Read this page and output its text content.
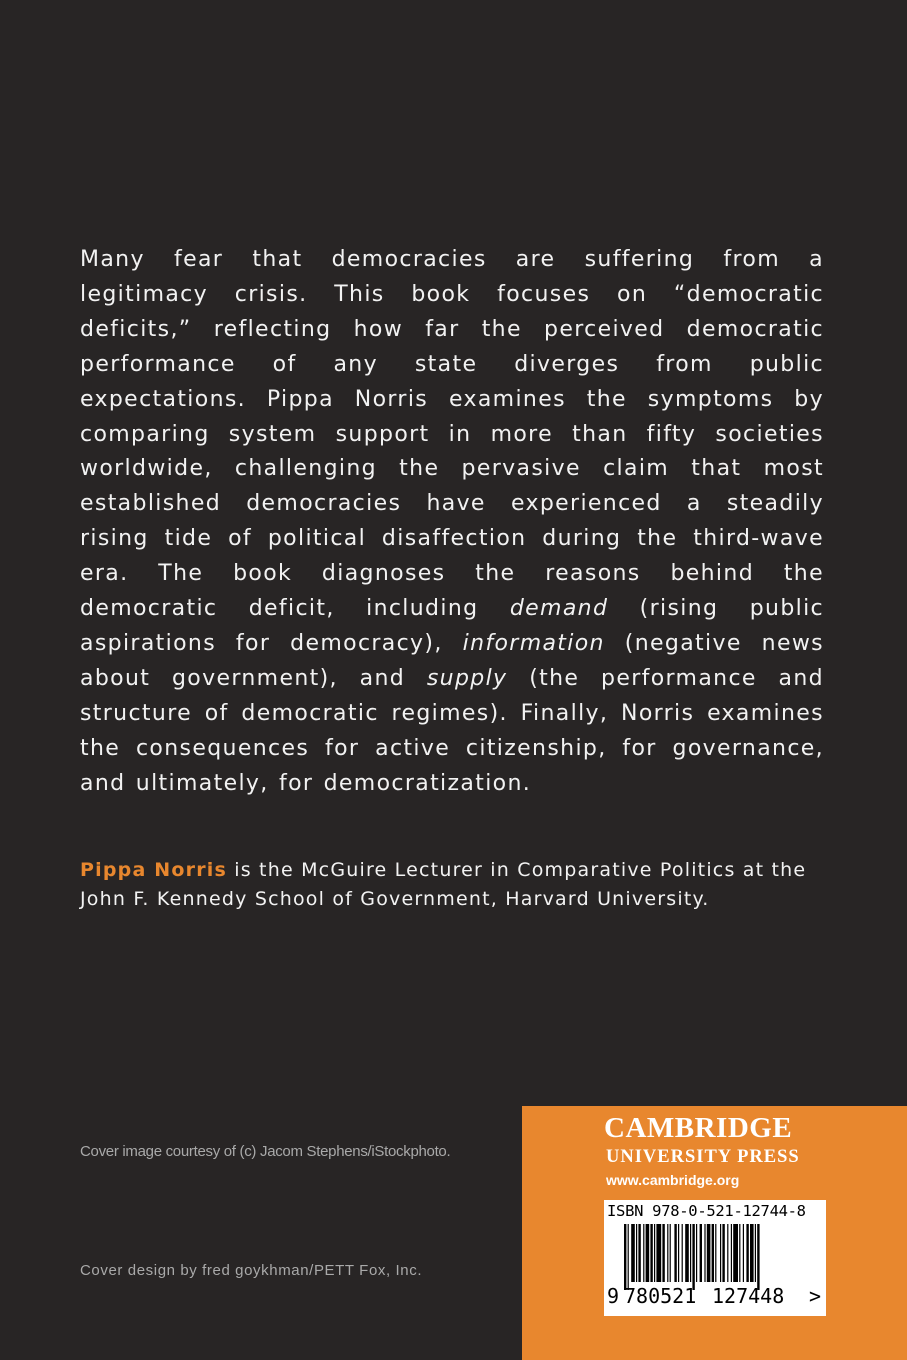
Many fear that democracies are suffering from a legitimacy crisis. This book focuses on “democratic deficits,” reflecting how far the perceived democratic performance of any state diverges from public expectations. Pippa Norris examines the symptoms by comparing system support in more than fifty societies worldwide, challenging the pervasive claim that most established democracies have experienced a steadily rising tide of political disaffection during the third-wave era. The book diagnoses the reasons behind the democratic deficit, including demand (rising public aspirations for democracy), information (negative news about government), and supply (the performance and structure of democratic regimes). Finally, Norris examines the consequences for active citizenship, for governance, and ultimately, for democratization.

Pippa Norris is the McGuire Lecturer in Comparative Politics at the

John F. Kennedy School of Government, Harvard University.

Cover image courtesy of (c) Jacom Stephens/iStockphoto.
Cover design by fred goykhman/PETT Fox, Inc.
CAMBRIDGE
UNIVERSITY PRESS
www.cambridge.org
ISBN 978-0-521-12744-8
9 780521 127448 >
